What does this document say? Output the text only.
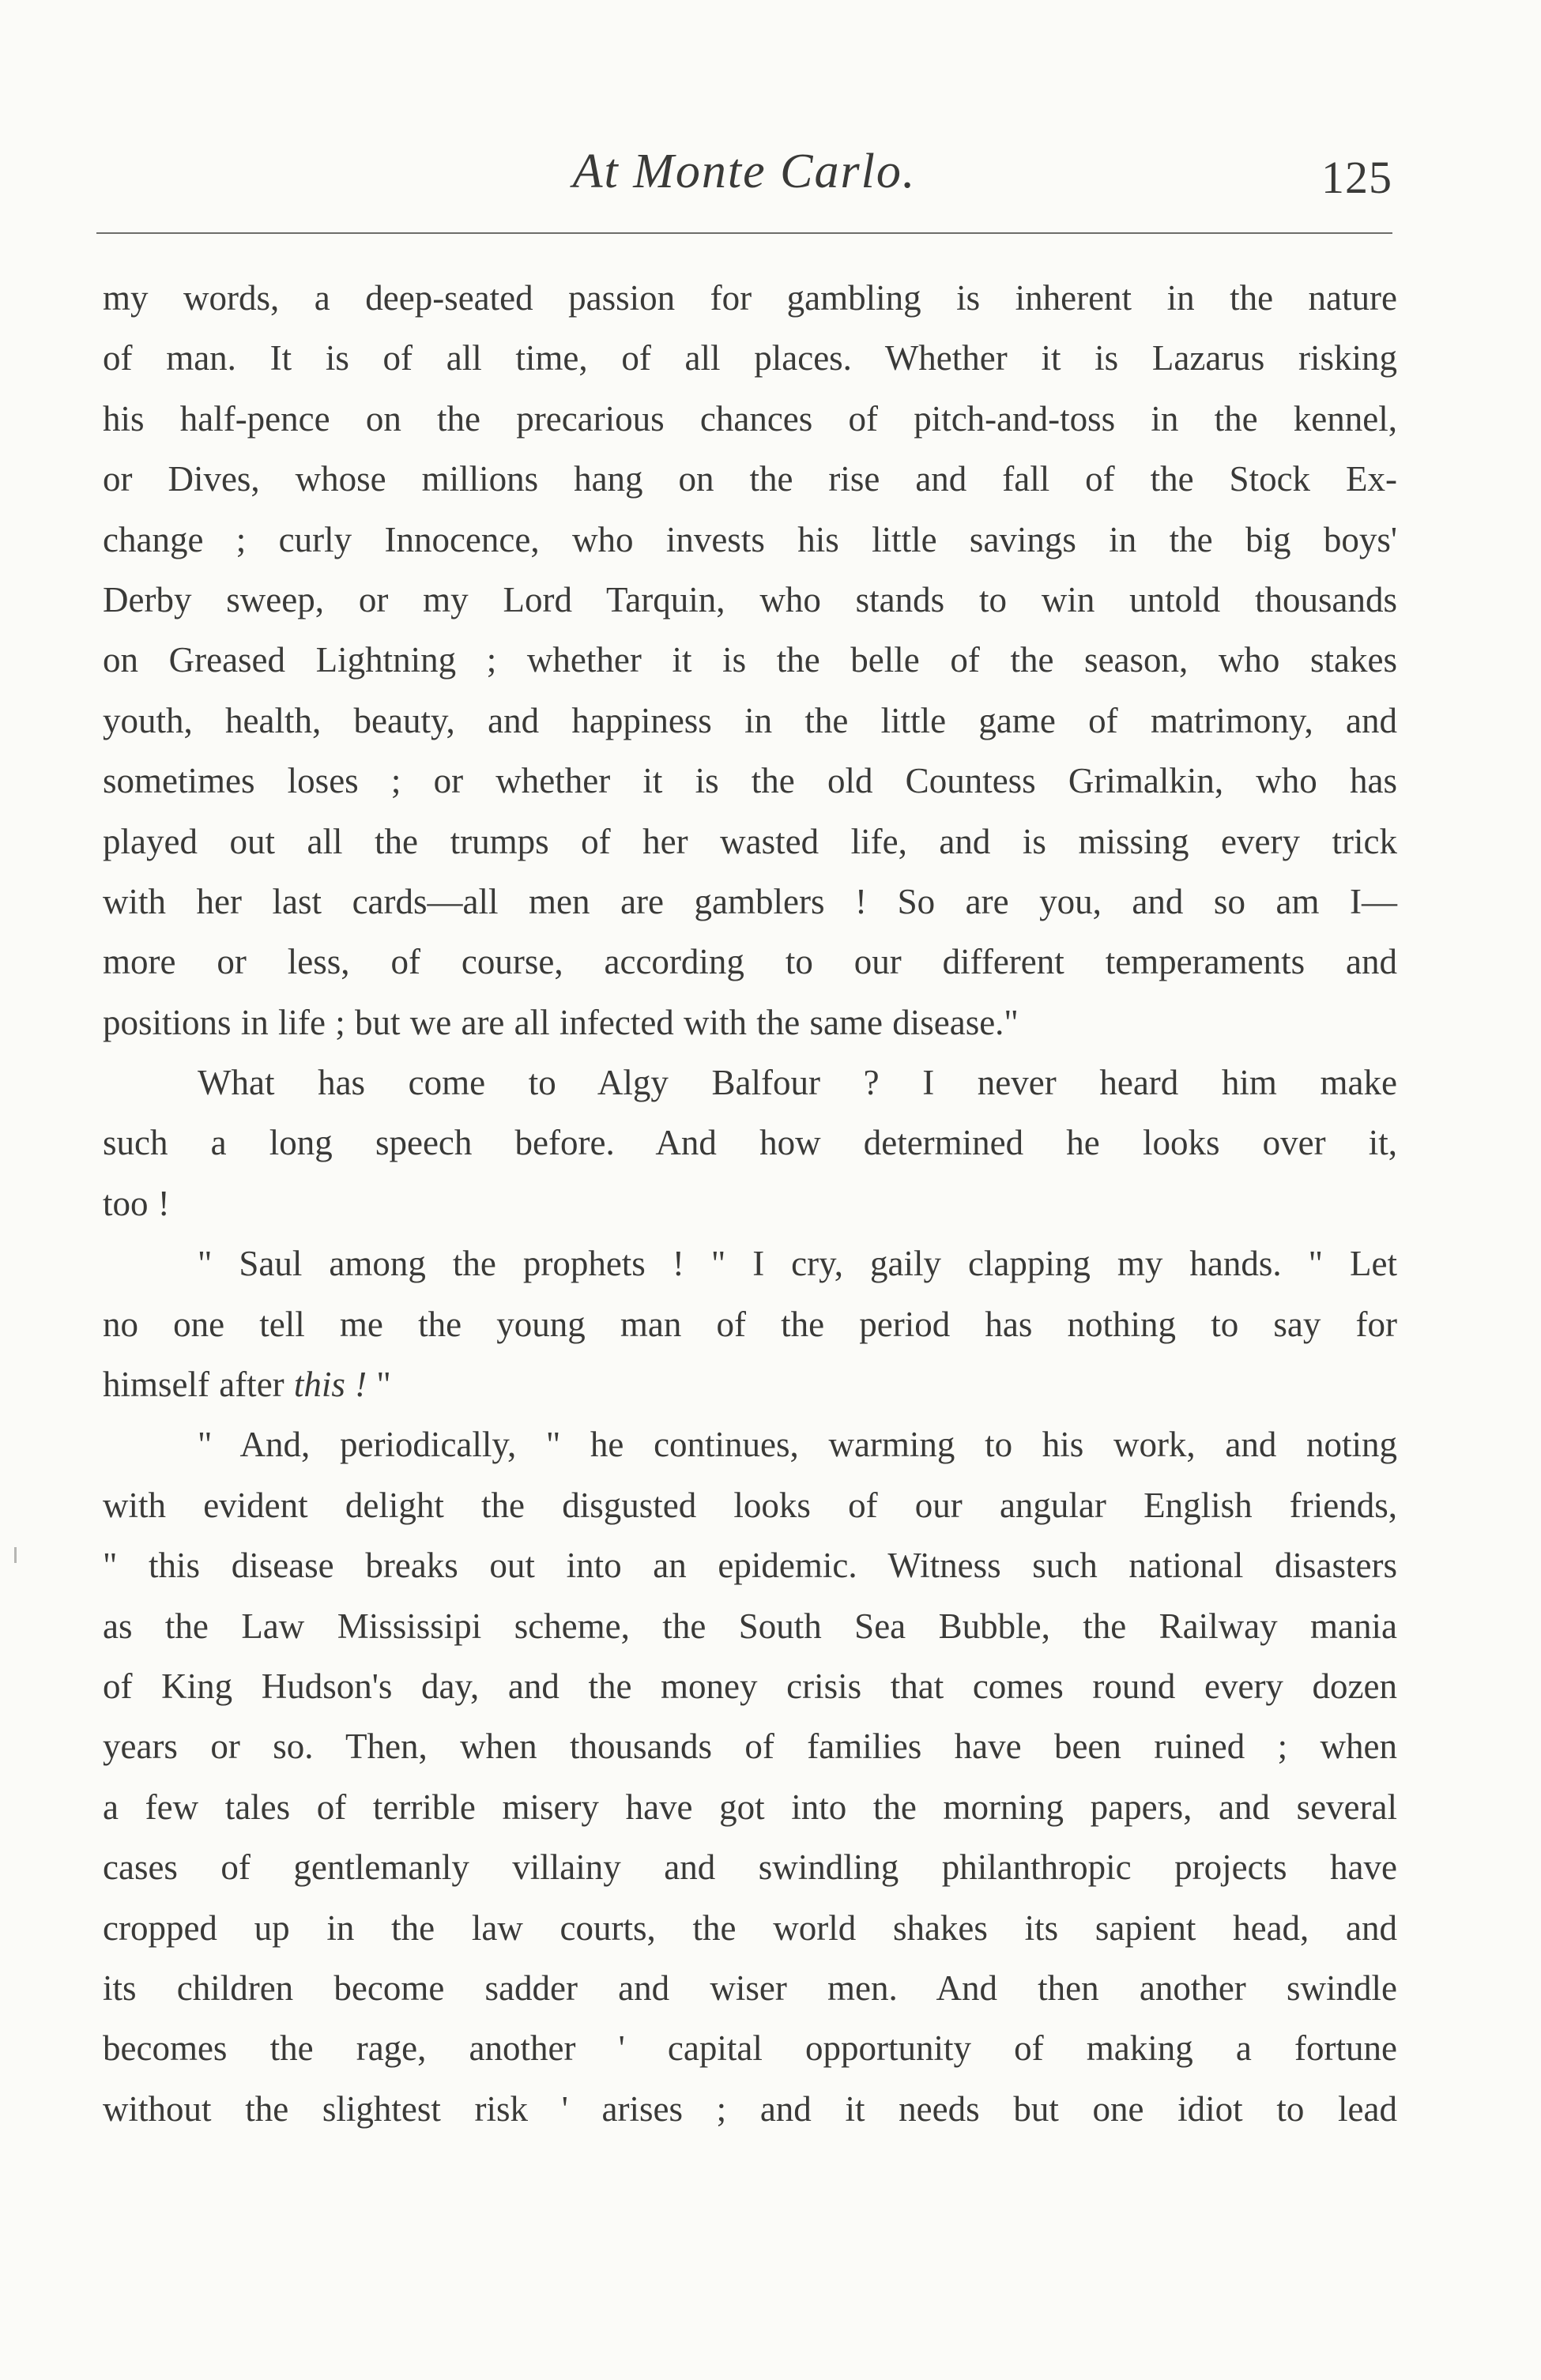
At Monte Carlo.	125
my words, a deep-seated passion for gambling is inherent in the nature
of man. It is of all time, of all places. Whether it is Lazarus risking
his half-pence on the precarious chances of pitch-and-toss in the kennel,
or Dives, whose millions hang on the rise and fall of the Stock Ex-
change ; curly Innocence, who invests his little savings in the big boys'
Derby sweep, or my Lord Tarquin, who stands to win untold thousands
on Greased Lightning ; whether it is the belle of the season, who stakes
youth, health, beauty, and happiness in the little game of matrimony, and
sometimes loses ; or whether it is the old Countess Grimalkin, who has
played out all the trumps of her wasted life, and is missing every trick
with her last cards—all men are gamblers ! So are you, and so am I—
more or less, of course, according to our different temperaments and
positions in life ; but we are all infected with the same disease."
What has come to Algy Balfour ? I never heard him make
such a long speech before. And how determined he looks over it,
too !
" Saul among the prophets ! " I cry, gaily clapping my hands. " Let
no one tell me the young man of the period has nothing to say for
himself after this ! "
" And, periodically, " he continues, warming to his work, and noting
with evident delight the disgusted looks of our angular English friends,
" this disease breaks out into an epidemic. Witness such national disasters
as the Law Mississipi scheme, the South Sea Bubble, the Railway mania
of King Hudson's day, and the money crisis that comes round every dozen
years or so. Then, when thousands of families have been ruined ; when
a few tales of terrible misery have got into the morning papers, and several
cases of gentlemanly villainy and swindling philanthropic projects have
cropped up in the law courts, the world shakes its sapient head, and
its children become sadder and wiser men. And then another swindle
becomes the rage, another ' capital opportunity of making a fortune
without the slightest risk ' arises ; and it needs but one idiot to lead
